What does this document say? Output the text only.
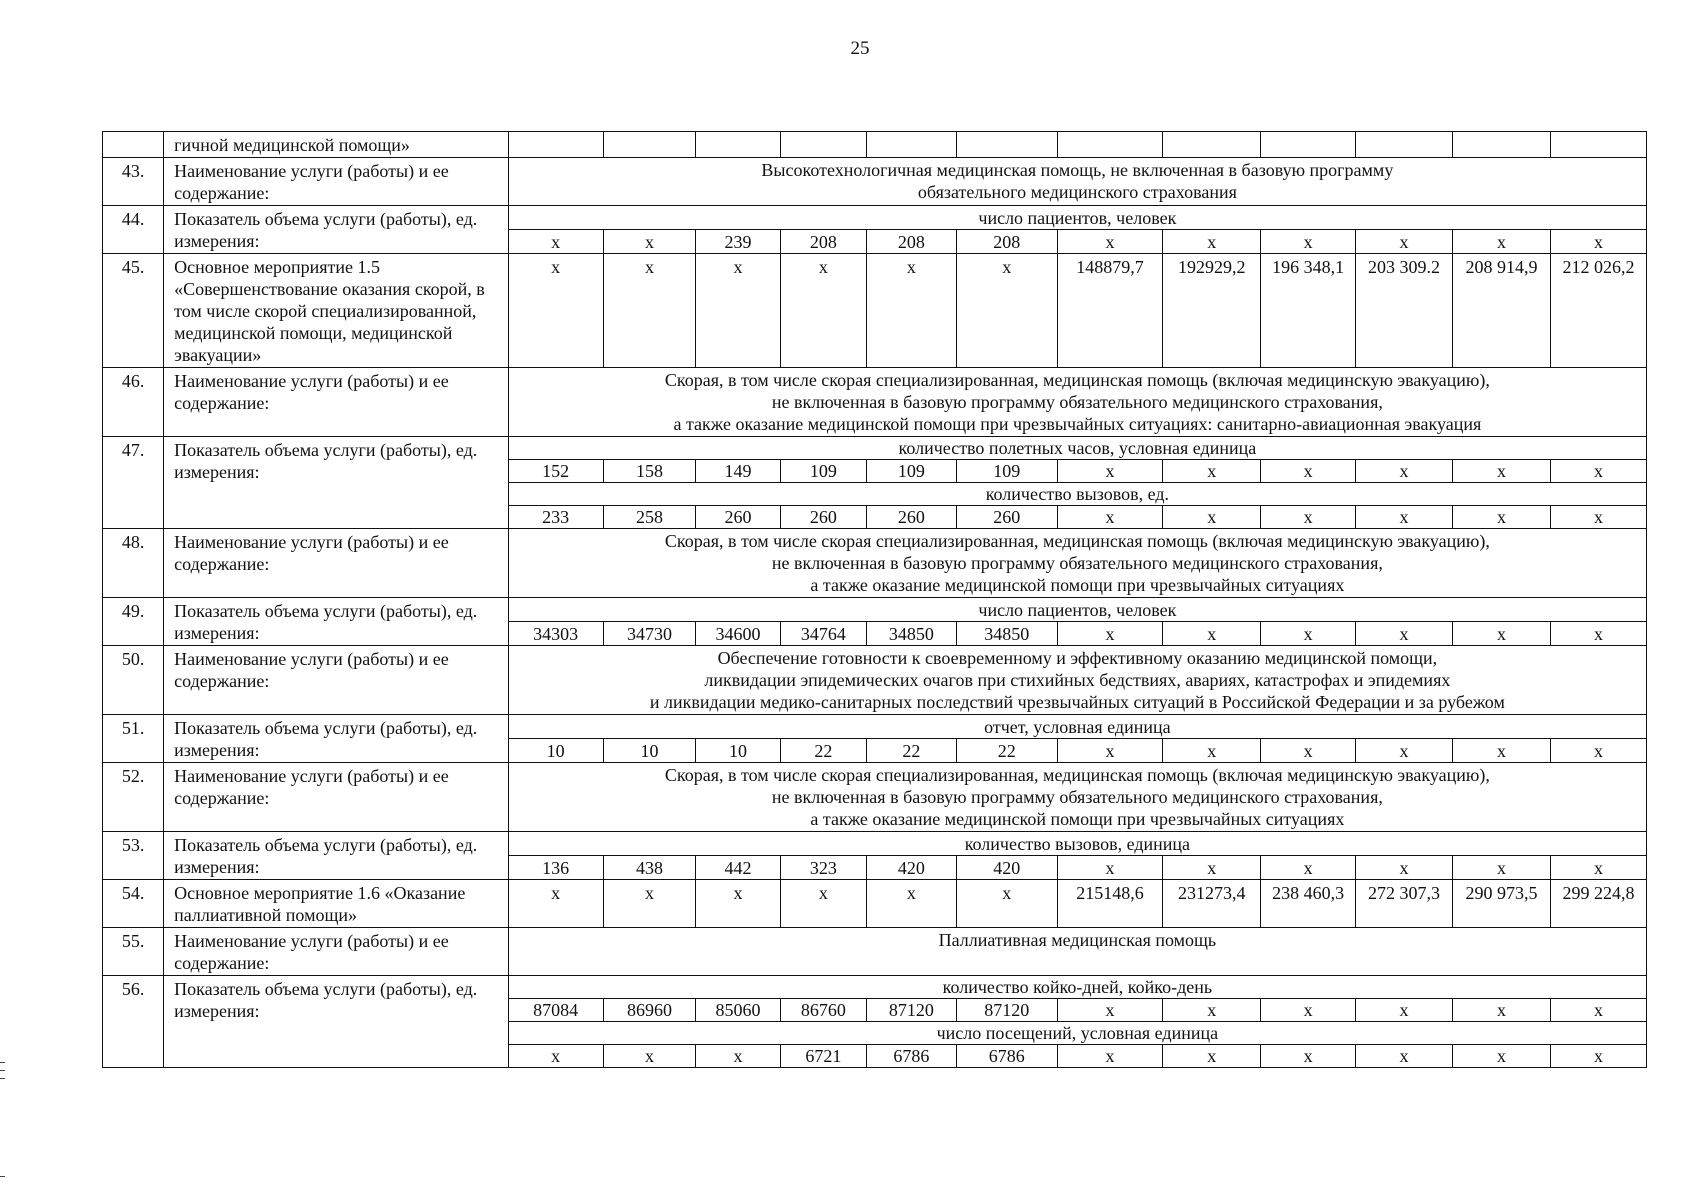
25
	гичной медицинской помощи»												
43.	Наименование услуги (работы) и ее содержание:	Высокотехнологичная медицинская помощь, не включенная в базовую программу
обязательного медицинского страхования											

44.	Показатель объема услуги (работы), ед. измерения:	число пациентов, человек											
		x	x	239	208	208	208	x	x	x	x	x	x
45.	Основное мероприятие 1.5 «Совершенствование оказания скорой, в том числе скорой специализированной, медицинской помощи, медицинской эвакуации»	x	x	x	x	x	x	148879,7	192929,2	196 348,1	203 309.2	208 914,9	212 026,2
46.	Наименование услуги (работы) и ее содержание:	Скорая, в том числе скорая специализированная, медицинская помощь (включая медицинскую эвакуацию),
не включенная в базовую программу обязательного медицинского страхования,
а также оказание медицинской помощи при чрезвычайных ситуациях: санитарно-авиационная эвакуация											

47.	Показатель объема услуги (работы), ед. измерения:	количество полетных часов, условная единица											
		152	158	149	109	109	109	x	x	x	x	x	x
		количество вызовов, ед.											
		233	258	260	260	260	260	x	x	x	x	x	x
48.	Наименование услуги (работы) и ее содержание:	Скорая, в том числе скорая специализированная, медицинская помощь (включая медицинскую эвакуацию),
не включенная в базовую программу обязательного медицинского страхования,
а также оказание медицинской помощи при чрезвычайных ситуациях											

49.	Показатель объема услуги (работы), ед. измерения:	число пациентов, человек											
		34303	34730	34600	34764	34850	34850	x	x	x	x	x	x
50.	Наименование услуги (работы) и ее содержание:	Обеспечение готовности к своевременному и эффективному оказанию медицинской помощи,
ликвидации эпидемических очагов при стихийных бедствиях, авариях, катастрофах и эпидемиях
и ликвидации медико-санитарных последствий чрезвычайных ситуаций в Российской Федерации и за рубежом											

51.	Показатель объема услуги (работы), ед. измерения:	отчет, условная единица											
		10	10	10	22	22	22	x	x	x	x	x	x
52.	Наименование услуги (работы) и ее содержание:	Скорая, в том числе скорая специализированная, медицинская помощь (включая медицинскую эвакуацию),
не включенная в базовую программу обязательного медицинского страхования,
а также оказание медицинской помощи при чрезвычайных ситуациях											

53.	Показатель объема услуги (работы), ед. измерения:	количество вызовов, единица											
		136	438	442	323	420	420	x	x	x	x	x	x
54.	Основное мероприятие 1.6 «Оказание паллиативной помощи»	x	x	x	x	x	x	215148,6	231273,4	238 460,3	272 307,3	290 973,5	299 224,8
55.	Наименование услуги (работы) и ее содержание:	Паллиативная медицинская помощь											

56.	Показатель объема услуги (работы), ед. измерения:	количество койко-дней, койко-день											
		87084	86960	85060	86760	87120	87120	x	x	x	x	x	x
		число посещений, условная единица											
		x	x	x	6721	6786	6786	x	x	x	x	x	x
